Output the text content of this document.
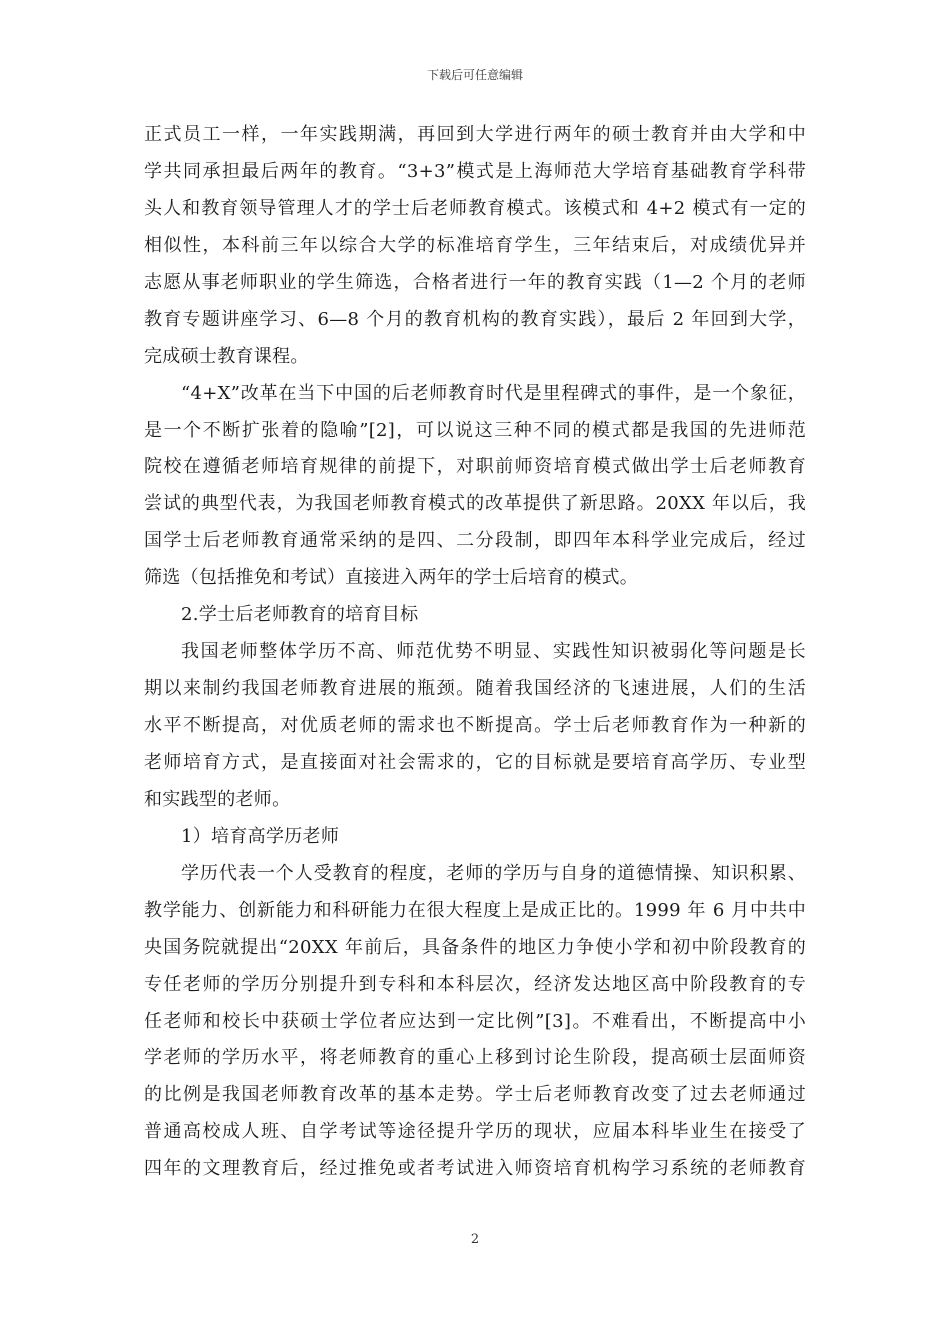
下载后可任意编辑
正式员工一样，一年实践期满，再回到大学进行两年的硕士教育并由大学和中
学共同承担最后两年的教育。“3+3”模式是上海师范大学培育基础教育学科带
头人和教育领导管理人才的学士后老师教育模式。该模式和 4+2 模式有一定的
相似性，本科前三年以综合大学的标准培育学生，三年结束后，对成绩优异并
志愿从事老师职业的学生筛选，合格者进行一年的教育实践（1—2 个月的老师
教育专题讲座学习、6—8 个月的教育机构的教育实践），最后 2 年回到大学，
完成硕士教育课程。
“4+X”改革在当下中国的后老师教育时代是里程碑式的事件，是一个象征，
是一个不断扩张着的隐喻”[2]，可以说这三种不同的模式都是我国的先进师范
院校在遵循老师培育规律的前提下，对职前师资培育模式做出学士后老师教育
尝试的典型代表，为我国老师教育模式的改革提供了新思路。20XX 年以后，我
国学士后老师教育通常采纳的是四、二分段制，即四年本科学业完成后，经过
筛选（包括推免和考试）直接进入两年的学士后培育的模式。
2.学士后老师教育的培育目标
我国老师整体学历不高、师范优势不明显、实践性知识被弱化等问题是长
期以来制约我国老师教育进展的瓶颈。随着我国经济的飞速进展，人们的生活
水平不断提高，对优质老师的需求也不断提高。学士后老师教育作为一种新的
老师培育方式，是直接面对社会需求的，它的目标就是要培育高学历、专业型
和实践型的老师。
1）培育高学历老师
学历代表一个人受教育的程度，老师的学历与自身的道德情操、知识积累、
教学能力、创新能力和科研能力在很大程度上是成正比的。1999 年 6 月中共中
央国务院就提出“20XX 年前后，具备条件的地区力争使小学和初中阶段教育的
专任老师的学历分别提升到专科和本科层次，经济发达地区高中阶段教育的专
任老师和校长中获硕士学位者应达到一定比例”[3]。不难看出，不断提高中小
学老师的学历水平，将老师教育的重心上移到讨论生阶段，提高硕士层面师资
的比例是我国老师教育改革的基本走势。学士后老师教育改变了过去老师通过
普通高校成人班、自学考试等途径提升学历的现状，应届本科毕业生在接受了
四年的文理教育后，经过推免或者考试进入师资培育机构学习系统的老师教育
2
